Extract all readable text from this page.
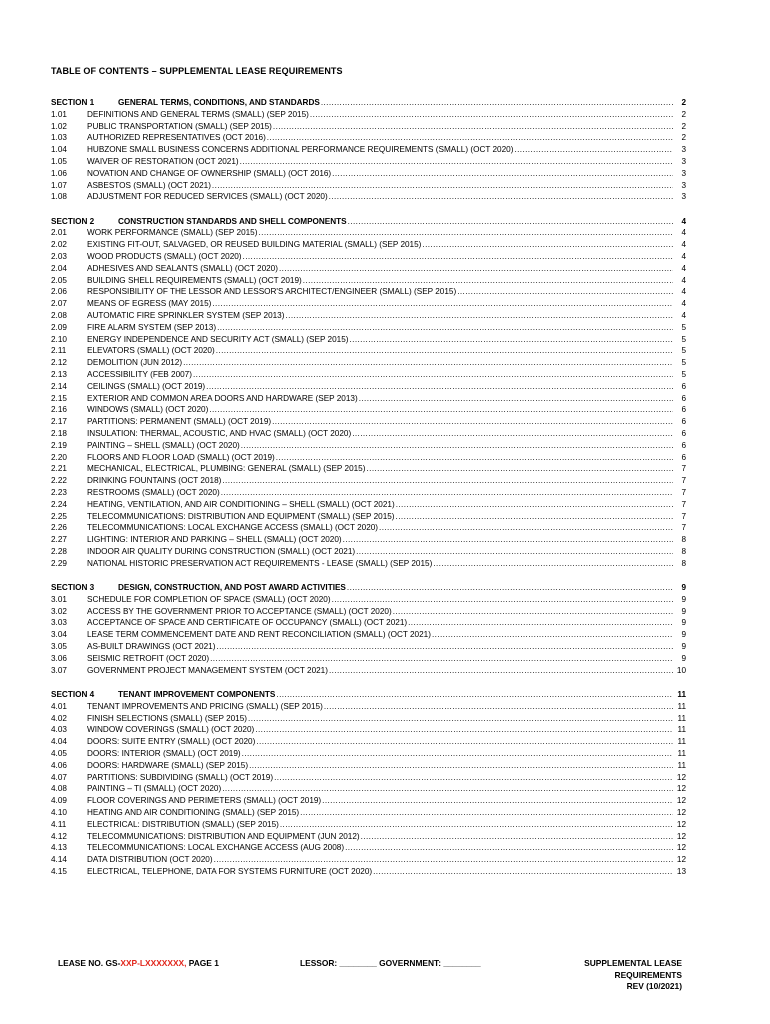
TABLE OF CONTENTS – SUPPLEMENTAL LEASE REQUIREMENTS
SECTION 1	GENERAL TERMS, CONDITIONS, AND STANDARDS .....	2
1.01	DEFINITIONS AND GENERAL TERMS (SMALL) (SEP 2015) .....	2
1.02	PUBLIC TRANSPORTATION (SMALL) (SEP 2015) .....	2
1.03	AUTHORIZED REPRESENTATIVES (OCT 2016) .....	2
1.04	HUBZONE SMALL BUSINESS CONCERNS ADDITIONAL PERFORMANCE REQUIREMENTS (SMALL) (OCT 2020) .....	3
1.05	WAIVER OF RESTORATION (OCT 2021) .....	3
1.06	NOVATION AND CHANGE OF OWNERSHIP (SMALL) (OCT 2016) .....	3
1.07	ASBESTOS (SMALL) (OCT 2021) .....	3
1.08	ADJUSTMENT FOR REDUCED SERVICES (SMALL) (OCT 2020) .....	3
SECTION 2	CONSTRUCTION STANDARDS AND SHELL COMPONENTS .....	4
2.01	WORK PERFORMANCE (SMALL) (SEP 2015) .....	4
2.02	EXISTING FIT-OUT, SALVAGED, OR REUSED BUILDING MATERIAL (SMALL) (SEP 2015) .....	4
2.03	WOOD PRODUCTS (SMALL) (OCT 2020) .....	4
2.04	ADHESIVES AND SEALANTS (SMALL) (OCT 2020) .....	4
2.05	BUILDING SHELL REQUIREMENTS (SMALL) (OCT 2019) .....	4
2.06	RESPONSIBILITY OF THE LESSOR AND LESSOR'S ARCHITECT/ENGINEER (SMALL) (SEP 2015) .....	4
2.07	MEANS OF EGRESS (MAY 2015) .....	4
2.08	AUTOMATIC FIRE SPRINKLER SYSTEM (SEP 2013) .....	4
2.09	FIRE ALARM SYSTEM (SEP 2013) .....	5
2.10	ENERGY INDEPENDENCE AND SECURITY ACT (SMALL) (SEP 2015) .....	5
2.11	ELEVATORS (SMALL) (OCT 2020) .....	5
2.12	DEMOLITION (JUN 2012) .....	5
2.13	ACCESSIBILITY (FEB 2007) .....	5
2.14	CEILINGS (SMALL) (OCT 2019) .....	6
2.15	EXTERIOR AND COMMON AREA DOORS AND HARDWARE (SEP 2013) .....	6
2.16	WINDOWS (SMALL) (OCT 2020) .....	6
2.17	PARTITIONS: PERMANENT (SMALL) (OCT 2019) .....	6
2.18	INSULATION: THERMAL, ACOUSTIC, AND HVAC (SMALL) (OCT 2020) .....	6
2.19	PAINTING – SHELL (SMALL) (OCT 2020) .....	6
2.20	FLOORS AND FLOOR LOAD (SMALL) (OCT 2019) .....	6
2.21	MECHANICAL, ELECTRICAL, PLUMBING: GENERAL (SMALL) (SEP 2015) .....	7
2.22	DRINKING FOUNTAINS (OCT 2018) .....	7
2.23	RESTROOMS (SMALL) (OCT 2020) .....	7
2.24	HEATING, VENTILATION, AND AIR CONDITIONING – SHELL (SMALL) (OCT 2021) .....	7
2.25	TELECOMMUNICATIONS: DISTRIBUTION AND EQUIPMENT (SMALL) (SEP 2015) .....	7
2.26	TELECOMMUNICATIONS: LOCAL EXCHANGE ACCESS (SMALL) (OCT 2020) .....	7
2.27	LIGHTING: INTERIOR AND PARKING – SHELL (SMALL) (OCT 2020) .....	8
2.28	INDOOR AIR QUALITY DURING CONSTRUCTION (SMALL) (OCT 2021) .....	8
2.29	NATIONAL HISTORIC PRESERVATION ACT REQUIREMENTS - LEASE (SMALL) (SEP 2015) .....	8
SECTION 3	DESIGN, CONSTRUCTION, AND POST AWARD ACTIVITIES .....	9
3.01	SCHEDULE FOR COMPLETION OF SPACE (SMALL) (OCT 2020) .....	9
3.02	ACCESS BY THE GOVERNMENT PRIOR TO ACCEPTANCE (SMALL) (OCT 2020) .....	9
3.03	ACCEPTANCE OF SPACE AND CERTIFICATE OF OCCUPANCY (SMALL) (OCT 2021) .....	9
3.04	LEASE TERM COMMENCEMENT DATE AND RENT RECONCILIATION (SMALL) (OCT 2021) .....	9
3.05	AS-BUILT DRAWINGS (OCT 2021) .....	9
3.06	SEISMIC RETROFIT (OCT 2020) .....	9
3.07	GOVERNMENT PROJECT MANAGEMENT SYSTEM (OCT 2021) .....	10
SECTION 4	TENANT IMPROVEMENT COMPONENTS .....	11
4.01	TENANT IMPROVEMENTS AND PRICING (SMALL) (SEP 2015) .....	11
4.02	FINISH SELECTIONS (SMALL) (SEP 2015) .....	11
4.03	WINDOW COVERINGS (SMALL) (OCT 2020) .....	11
4.04	DOORS: SUITE ENTRY (SMALL) (OCT 2020) .....	11
4.05	DOORS: INTERIOR (SMALL) (OCT 2019) .....	11
4.06	DOORS: HARDWARE (SMALL) (SEP 2015) .....	11
4.07	PARTITIONS: SUBDIVIDING (SMALL) (OCT 2019) .....	12
4.08	PAINTING – TI (SMALL) (OCT 2020) .....	12
4.09	FLOOR COVERINGS AND PERIMETERS (SMALL) (OCT 2019) .....	12
4.10	HEATING AND AIR CONDITIONING (SMALL) (SEP 2015) .....	12
4.11	ELECTRICAL: DISTRIBUTION (SMALL) (SEP 2015) .....	12
4.12	TELECOMMUNICATIONS: DISTRIBUTION AND EQUIPMENT (JUN 2012) .....	12
4.13	TELECOMMUNICATIONS: LOCAL EXCHANGE ACCESS (AUG 2008) .....	12
4.14	DATA DISTRIBUTION (OCT 2020) .....	12
4.15	ELECTRICAL, TELEPHONE, DATA FOR SYSTEMS FURNITURE (OCT 2020) .....	13
LEASE NO. GS-XXP-LXXXXXXX, PAGE 1	LESSOR: ________ GOVERNMENT: ________	SUPPLEMENTAL LEASE
REQUIREMENTS
REV (10/2021)
